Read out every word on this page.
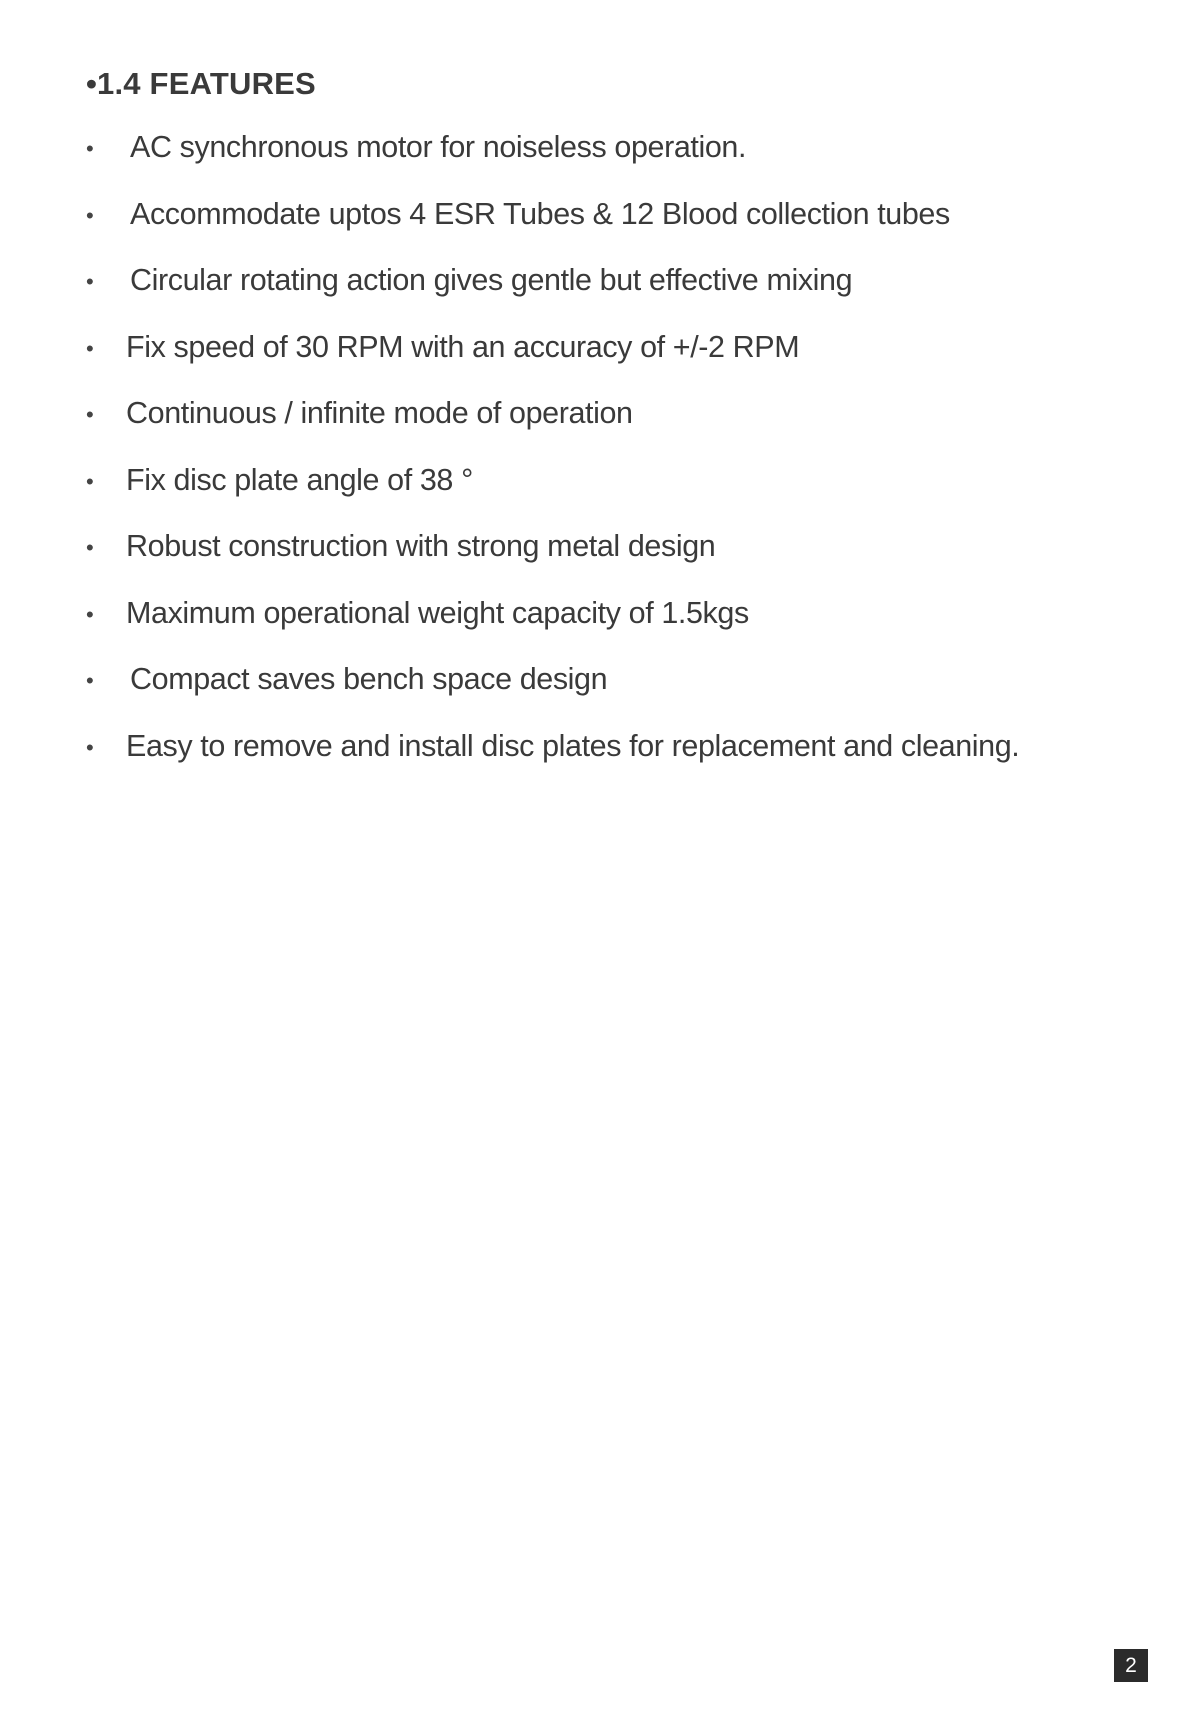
•1.4 FEATURES
• AC synchronous motor for noiseless operation.
• Accommodate uptos 4 ESR Tubes & 12 Blood collection tubes
• Circular rotating action gives gentle but effective mixing
• Fix speed of 30 RPM with an accuracy of +/-2 RPM
• Continuous / infinite mode of operation
• Fix disc plate angle of 38 °
• Robust construction with strong metal design
• Maximum operational weight capacity of 1.5kgs
• Compact saves bench space design
• Easy to remove and install disc plates for replacement and cleaning.
2
